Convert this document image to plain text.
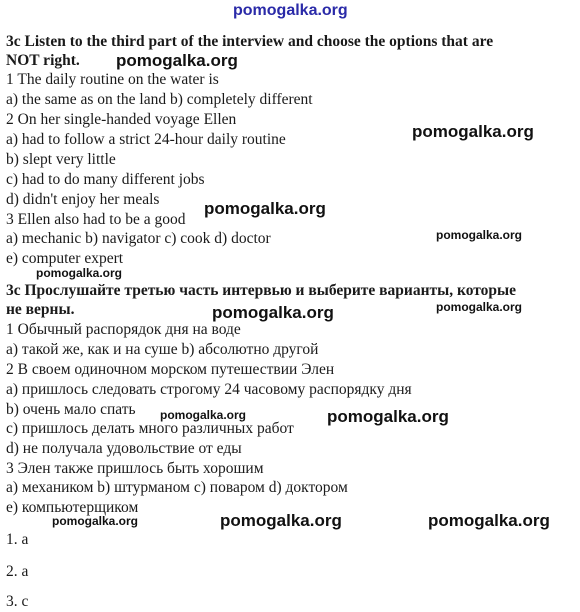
pomogalka.org
pomogalka.org
pomogalka.org
pomogalka.org
pomogalka.org
pomogalka.org
pomogalka.org
pomogalka.org
pomogalka.org	pomogalka.org
pomogalka.org	pomogalka.org	pomogalka.org
3c Listen to the third part of the interview and choose the options that are
NOT right.
1 The daily routine on the water is
a) the same as on the land b) completely different
2 On her single-handed voyage Ellen
a) had to follow a strict 24-hour daily routine
b) slept very little
c) had to do many different jobs
d) didn't enjoy her meals
3 Ellen also had to be a good
a) mechanic b) navigator c) cook d) doctor
e) computer expert
3c Прослушайте третью часть интервью и выберите варианты, которые
не верны.
1 Обычный распорядок дня на воде
a) такой же, как и на суше b) абсолютно другой
2 В своем одиночном морском путешествии Элен
a) пришлось следовать строгому 24 часовому распорядку дня
b) очень мало спать
c) пришлось делать много различных работ
d) не получала удовольствие от еды
3 Элен также пришлось быть хорошим
a) механиком b) штурманом c) поваром d) доктором
e) компьютерщиком
1. a
2. a
3. c
